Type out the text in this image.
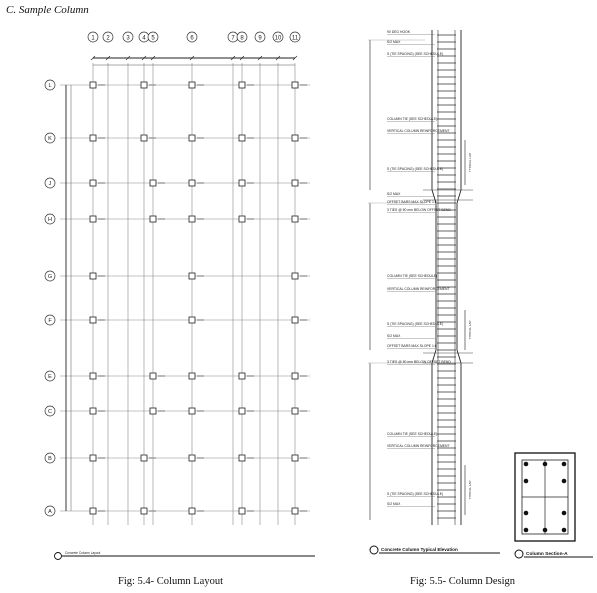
C. Sample Column
1 2	3 4 5	6	7 8 9 10 11
L
K
J
H
G
F
E
C
B
A
Concrete Column Layout
TYPICAL LAP
TYPICAL LAP
TYPICAL LAP
90 DEG HOOK
S/2 MAX
S (TIE SPACING) (SEE SCHEDULE)
COLUMN TIE (SEE SCHEDULE)
VERTICAL COLUMN REINFORCEMENT
S (TIE SPACING) (SEE SCHEDULE)
S/2 MAX
OFFSET BARS MAX SLOPE 1:6
3 TIES @ 50 mm BELOW OFFSET BEND
COLUMN TIE (SEE SCHEDULE)
VERTICAL COLUMN REINFORCEMENT
S (TIE SPACING) (SEE SCHEDULE)
S/2 MAX
OFFSET BARS MAX SLOPE 1:6
3 TIES @ 50 mm BELOW OFFSET BEND
COLUMN TIE (SEE SCHEDULE)
VERTICAL COLUMN REINFORCEMENT
S (TIE SPACING) (SEE SCHEDULE)
S/2 MAX
Concrete Column Typical Elevation
Column Section-A
Fig: 5.4- Column Layout	Fig: 5.5- Column Design
